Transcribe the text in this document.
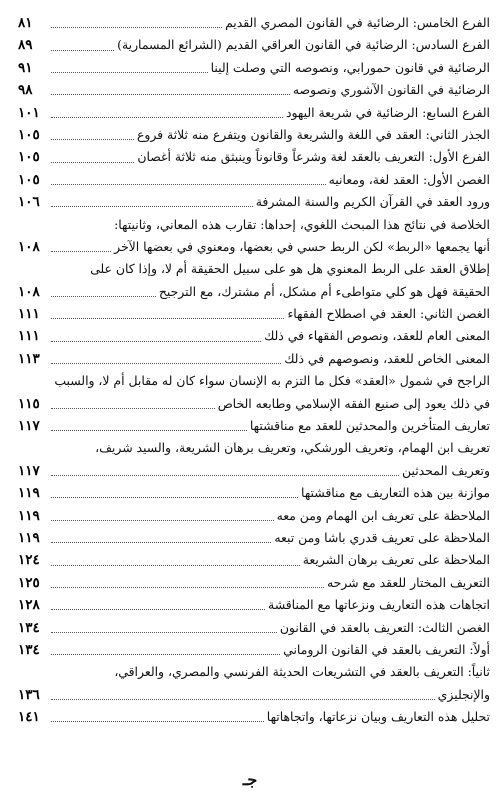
الفرع الخامس: الرضائية في القانون المصري القديم
٨١
الفرع السادس: الرضائية في القانون العراقي القديم (الشرائع المسمارية)
٨٩
الرضائية في قانون حمورابي، ونصوصه التي وصلت إلينا
٩١
الرضائية في القانون الآشوري ونصوصه
٩٨
الفرع السابع: الرضائية في شريعة اليهود
١٠١
الجذر الثاني: العقد في اللغة والشريعة والقانون ويتفرع منه ثلاثة فروع
١٠٥
الفرع الأول: التعريف بالعقد لغة وشرعاً وقانوناً وينبثق منه ثلاثة أغصان
١٠٥
الغصن الأول: العقد لغة، ومعانيه
١٠٥
ورود العقد في القرآن الكريم والسنة المشرفة
١٠٦
الخلاصة في نتائج هذا المبحث اللغوي، إحداها: تقارب هذه المعاني، وثانيتها:
أنها يجمعها «الربط» لكن الربط حسي في بعضها، ومعنوي في بعضها الآخر
١٠٨
إطلاق العقد على الربط المعنوي هل هو على سبيل الحقيقة أم لا، وإذا كان على
الحقيقة فهل هو كلي متواطىء أم مشكل، أم مشترك، مع الترجيح
١٠٨
الغصن الثاني: العقد في اصطلاح الفقهاء
١١١
المعنى العام للعقد، ونصوص الفقهاء في ذلك
١١١
المعنى الخاص للعقد، ونصوصهم في ذلك
١١٣
الراجح في شمول «العقد» فكل ما التزم به الإنسان سواء كان له مقابل أم لا، والسبب
في ذلك يعود إلى صنيع الفقه الإسلامي وطابعه الخاص
١١٥
تعاريف المتأخرين والمحدثين للعقد مع مناقشتها
١١٧
تعريف ابن الهمام، وتعريف الورشكي، وتعريف برهان الشريعة، والسيد شريف،
وتعريف المحدثين
١١٧
موازنة بين هذه التعاريف مع مناقشتها
١١٩
الملاحظة على تعريف ابن الهمام ومن معه
١١٩
الملاحظة على تعريف قدري باشا ومن تبعه
١١٩
الملاحظة على تعريف برهان الشريعة
١٢٤
التعريف المختار للعقد مع شرحه
١٢٥
اتجاهات هذه التعاريف ونزعاتها مع المناقشة
١٢٨
الغصن الثالث: التعريف بالعقد في القانون
١٣٤
أولاً: التعريف بالعقد في القانون الروماني
١٣٤
ثانياً: التعريف بالعقد في التشريعات الحديثة الفرنسي والمصري، والعراقي،
والإنجليزي
١٣٦
تحليل هذه التعاريف وبيان نزعاتها، واتجاهاتها
١٤١
جـ
